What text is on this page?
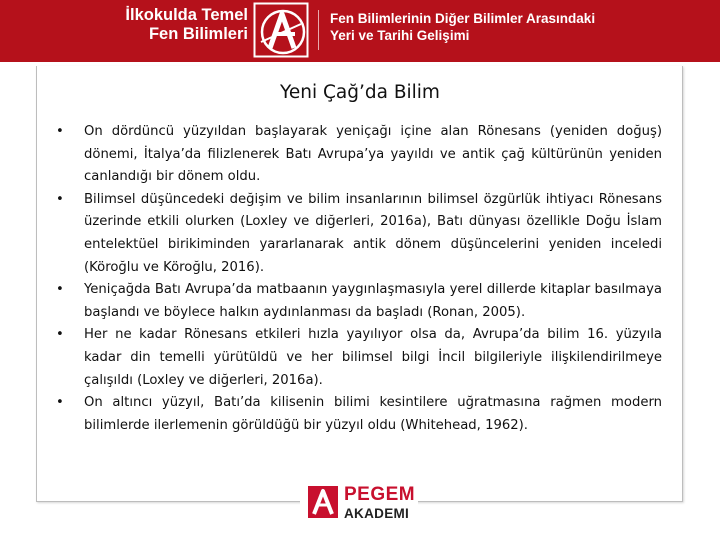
İlkokulda Temel
Fen Bilimleri
Fen Bilimlerinin Diğer Bilimler Arasındaki
Yeri ve Tarihi Gelişimi
Yeni Çağ’da Bilim
• On dördüncü yüzyıldan başlayarak yeniçağı içine alan Rönesans (yeniden doğuş) dönemi, İtalya’da filizlenerek Batı Avrupa’ya yayıldı ve antik çağ kültürünün yeniden canlandığı bir dönem oldu.
• Bilimsel düşüncedeki değişim ve bilim insanlarının bilimsel özgürlük ihtiyacı Rönesans üzerinde etkili olurken (Loxley ve diğerleri, 2016a), Batı dünyası özellikle Doğu İslam entelektüel birikiminden yararlanarak antik dönem düşüncelerini yeniden inceledi (Köroğlu ve Köroğlu, 2016).
• Yeniçağda Batı Avrupa’da matbaanın yaygınlaşmasıyla yerel dillerde kitaplar basılmaya başlandı ve böylece halkın aydınlanması da başladı (Ronan, 2005).
• Her ne kadar Rönesans etkileri hızla yayılıyor olsa da, Avrupa’da bilim 16. yüzyıla kadar din temelli yürütüldü ve her bilimsel bilgi İncil bilgileriyle ilişkilendirilmeye çalışıldı (Loxley ve diğerleri, 2016a).
• On altıncı yüzyıl, Batı’da kilisenin bilimi kesintilere uğratmasına rağmen modern bilimlerde ilerlemenin görüldüğü bir yüzyıl oldu (Whitehead, 1962).
PEGEM
AKADEMI
